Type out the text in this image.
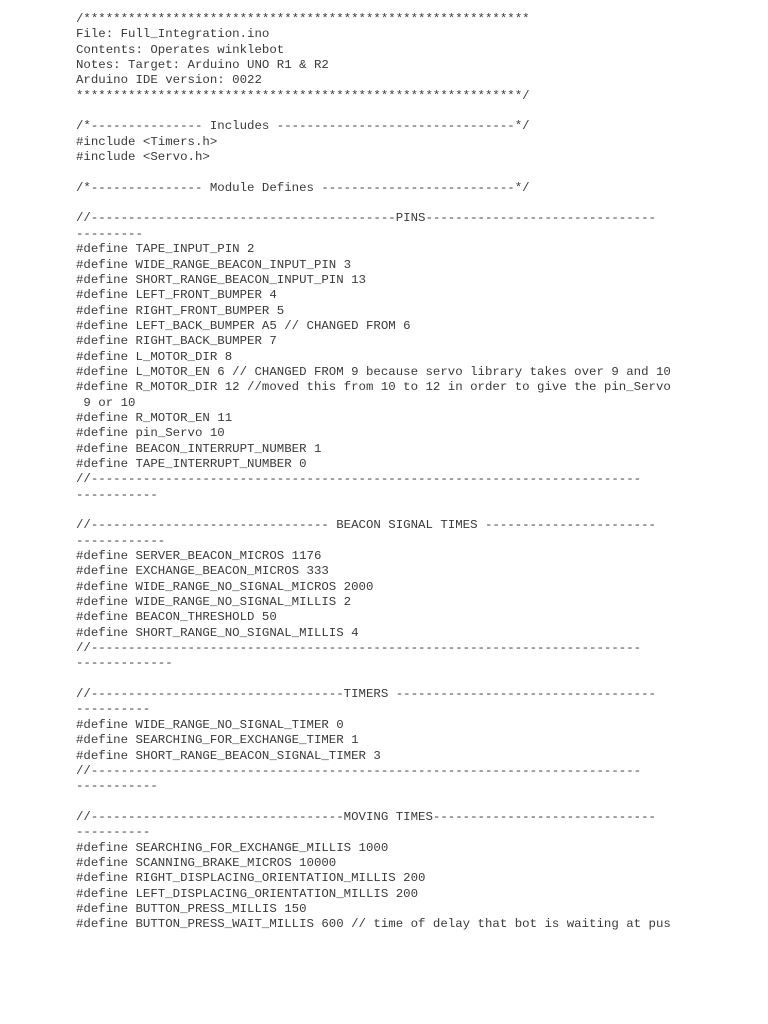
/************************************************************
File: Full_Integration.ino
Contents: Operates winklebot
Notes: Target: Arduino UNO R1 & R2
Arduino IDE version: 0022
************************************************************/

/*--------------- Includes --------------------------------*/
#include <Timers.h>
#include <Servo.h>

/*--------------- Module Defines --------------------------*/

//-----------------------------------------PINS-------------------------------
---------
#define TAPE_INPUT_PIN 2
#define WIDE_RANGE_BEACON_INPUT_PIN 3
#define SHORT_RANGE_BEACON_INPUT_PIN 13
#define LEFT_FRONT_BUMPER 4
#define RIGHT_FRONT_BUMPER 5
#define LEFT_BACK_BUMPER A5 // CHANGED FROM 6
#define RIGHT_BACK_BUMPER 7
#define L_MOTOR_DIR 8
#define L_MOTOR_EN 6 // CHANGED FROM 9 because servo library takes over 9 and 10
#define R_MOTOR_DIR 12 //moved this from 10 to 12 in order to give the pin_Servo
9 or 10
#define R_MOTOR_EN 11
#define pin_Servo 10
#define BEACON_INTERRUPT_NUMBER 1
#define TAPE_INTERRUPT_NUMBER 0
//--------------------------------------------------------------------------
-----------

//-------------------------------- BEACON SIGNAL TIMES -----------------------
------------
#define SERVER_BEACON_MICROS 1176
#define EXCHANGE_BEACON_MICROS 333
#define WIDE_RANGE_NO_SIGNAL_MICROS 2000
#define WIDE_RANGE_NO_SIGNAL_MILLIS 2
#define BEACON_THRESHOLD 50
#define SHORT_RANGE_NO_SIGNAL_MILLIS 4
//--------------------------------------------------------------------------
-------------

//----------------------------------TIMERS -----------------------------------
----------
#define WIDE_RANGE_NO_SIGNAL_TIMER 0
#define SEARCHING_FOR_EXCHANGE_TIMER 1
#define SHORT_RANGE_BEACON_SIGNAL_TIMER 3
//--------------------------------------------------------------------------
-----------

//----------------------------------MOVING TIMES------------------------------
----------
#define SEARCHING_FOR_EXCHANGE_MILLIS 1000
#define SCANNING_BRAKE_MICROS 10000
#define RIGHT_DISPLACING_ORIENTATION_MILLIS 200
#define LEFT_DISPLACING_ORIENTATION_MILLIS 200
#define BUTTON_PRESS_MILLIS 150
#define BUTTON_PRESS_WAIT_MILLIS 600 // time of delay that bot is waiting at pus
